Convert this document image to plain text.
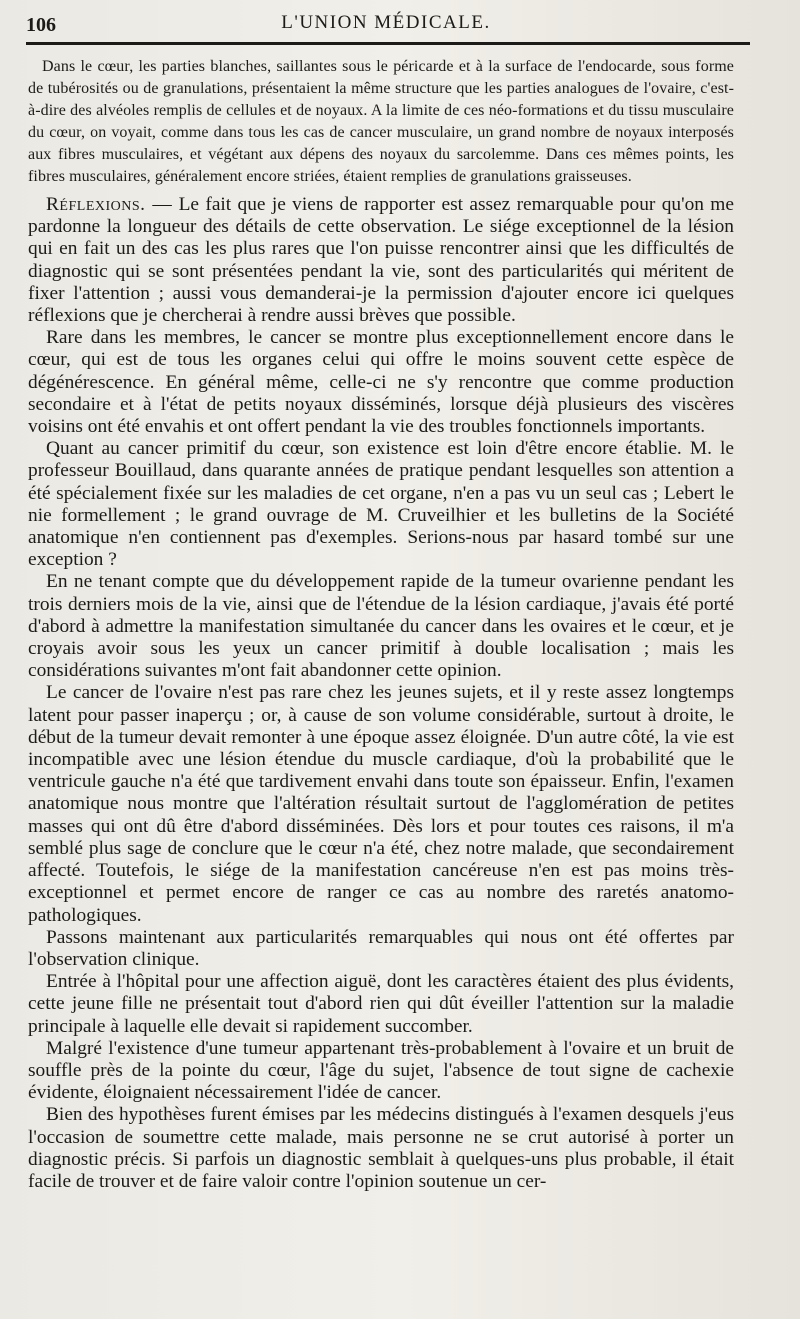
106	L'UNION MÉDICALE.

Dans le cœur, les parties blanches, saillantes sous le péricarde et à la surface de l'endocarde, sous forme de tubérosités ou de granulations, présentaient la même structure que les parties analogues de l'ovaire, c'est-à-dire des alvéoles remplis de cellules et de noyaux. A la limite de ces néo-formations et du tissu musculaire du cœur, on voyait, comme dans tous les cas de cancer musculaire, un grand nombre de noyaux interposés aux fibres musculaires, et végétant aux dépens des noyaux du sarcolemme. Dans ces mêmes points, les fibres musculaires, généralement encore striées, étaient remplies de granulations graisseuses.

Réflexions. — Le fait que je viens de rapporter est assez remarquable pour qu'on me pardonne la longueur des détails de cette observation. Le siége exceptionnel de la lésion qui en fait un des cas les plus rares que l'on puisse rencontrer ainsi que les difficultés de diagnostic qui se sont présentées pendant la vie, sont des particularités qui méritent de fixer l'attention ; aussi vous demanderai-je la permission d'ajouter encore ici quelques réflexions que je chercherai à rendre aussi brèves que possible.

Rare dans les membres, le cancer se montre plus exceptionnellement encore dans le cœur, qui est de tous les organes celui qui offre le moins souvent cette espèce de dégénérescence. En général même, celle-ci ne s'y rencontre que comme production secondaire et à l'état de petits noyaux disséminés, lorsque déjà plusieurs des viscères voisins ont été envahis et ont offert pendant la vie des troubles fonctionnels importants.

Quant au cancer primitif du cœur, son existence est loin d'être encore établie. M. le professeur Bouillaud, dans quarante années de pratique pendant lesquelles son attention a été spécialement fixée sur les maladies de cet organe, n'en a pas vu un seul cas ; Lebert le nie formellement ; le grand ouvrage de M. Cruveilhier et les bulletins de la Société anatomique n'en contiennent pas d'exemples. Serions-nous par hasard tombé sur une exception ?

En ne tenant compte que du développement rapide de la tumeur ovarienne pendant les trois derniers mois de la vie, ainsi que de l'étendue de la lésion cardiaque, j'avais été porté d'abord à admettre la manifestation simultanée du cancer dans les ovaires et le cœur, et je croyais avoir sous les yeux un cancer primitif à double localisation ; mais les considérations suivantes m'ont fait abandonner cette opinion.

Le cancer de l'ovaire n'est pas rare chez les jeunes sujets, et il y reste assez longtemps latent pour passer inaperçu ; or, à cause de son volume considérable, surtout à droite, le début de la tumeur devait remonter à une époque assez éloignée. D'un autre côté, la vie est incompatible avec une lésion étendue du muscle cardiaque, d'où la probabilité que le ventricule gauche n'a été que tardivement envahi dans toute son épaisseur. Enfin, l'examen anatomique nous montre que l'altération résultait surtout de l'agglomération de petites masses qui ont dû être d'abord disséminées. Dès lors et pour toutes ces raisons, il m'a semblé plus sage de conclure que le cœur n'a été, chez notre malade, que secondairement affecté. Toutefois, le siége de la manifestation cancéreuse n'en est pas moins très-exceptionnel et permet encore de ranger ce cas au nombre des raretés anatomo-pathologiques.

Passons maintenant aux particularités remarquables qui nous ont été offertes par l'observation clinique.

Entrée à l'hôpital pour une affection aiguë, dont les caractères étaient des plus évidents, cette jeune fille ne présentait tout d'abord rien qui dût éveiller l'attention sur la maladie principale à laquelle elle devait si rapidement succomber.

Malgré l'existence d'une tumeur appartenant très-probablement à l'ovaire et un bruit de souffle près de la pointe du cœur, l'âge du sujet, l'absence de tout signe de cachexie évidente, éloignaient nécessairement l'idée de cancer.

Bien des hypothèses furent émises par les médecins distingués à l'examen desquels j'eus l'occasion de soumettre cette malade, mais personne ne se crut autorisé à porter un diagnostic précis. Si parfois un diagnostic semblait à quelques-uns plus probable, il était facile de trouver et de faire valoir contre l'opinion soutenue un cer-
